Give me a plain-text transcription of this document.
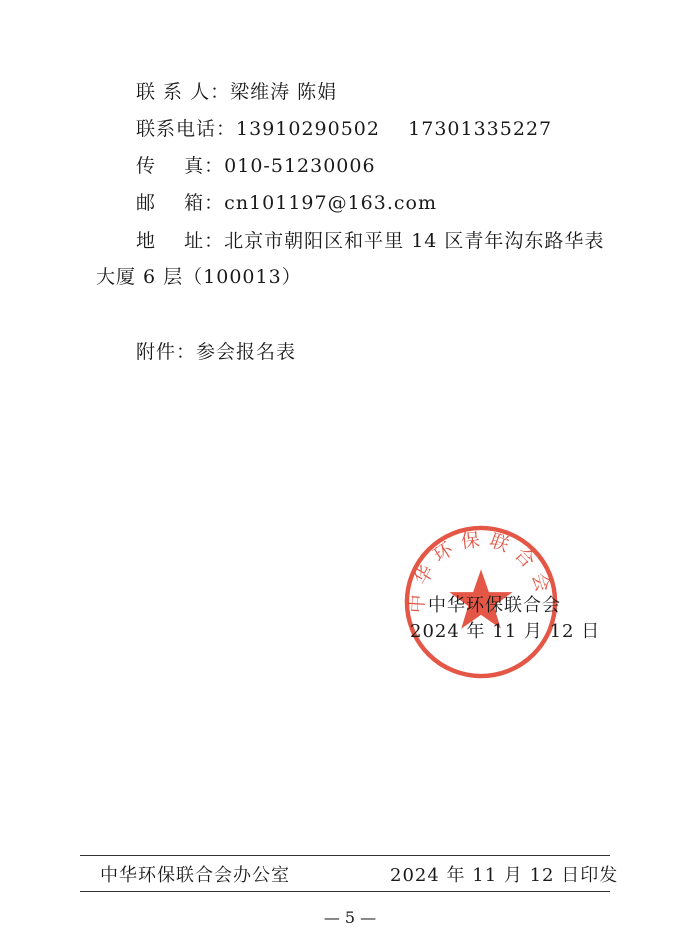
联 系 人：梁维涛 陈娟
联系电话：13910290502    17301335227
传    真：010-51230006
邮    箱：cn101197@163.com
地    址：北京市朝阳区和平里 14 区青年沟东路华表
大厦 6 层（100013）
附件：参会报名表
中华环保联合会
中华环保联合会
2024 年 11 月 12 日
中华环保联合会办公室	2024 年 11 月 12 日印发
— 5 —
